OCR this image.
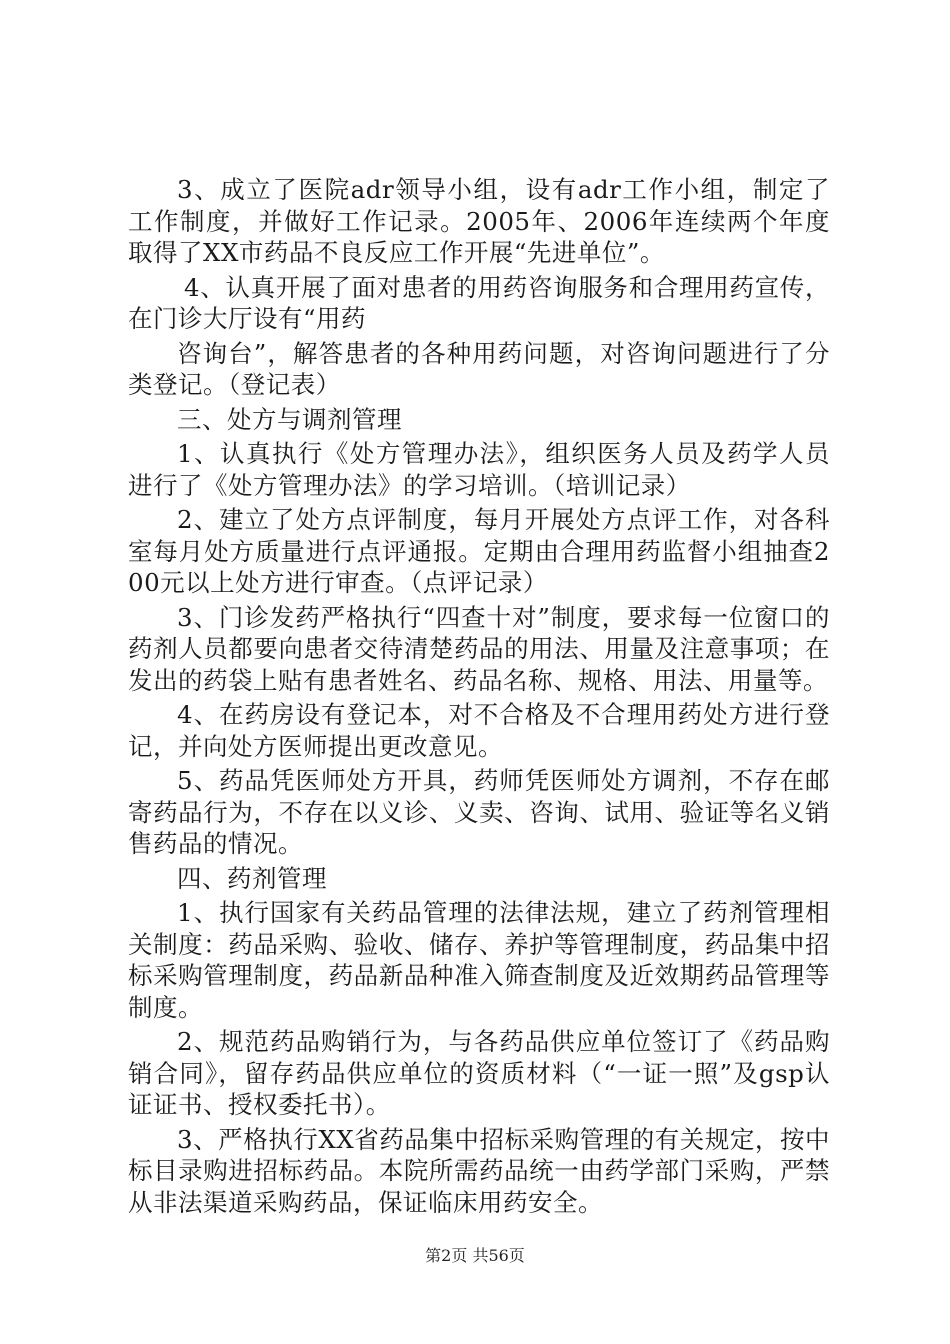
3、成立了医院adr领导小组，设有adr工作小组，制定了工作制度，并做好工作记录。2005年、2006年连续两个年度取得了XX市药品不良反应工作开展“先进单位”。

4、认真开展了面对患者的用药咨询服务和合理用药宣传，在门诊大厅设有“用药

咨询台”，解答患者的各种用药问题，对咨询问题进行了分类登记。（登记表）

三、处方与调剂管理

1、认真执行《处方管理办法》，组织医务人员及药学人员进行了《处方管理办法》的学习培训。（培训记录）

2、建立了处方点评制度，每月开展处方点评工作，对各科室每月处方质量进行点评通报。定期由合理用药监督小组抽查200元以上处方进行审查。（点评记录）

3、门诊发药严格执行“四查十对”制度，要求每一位窗口的药剂人员都要向患者交待清楚药品的用法、用量及注意事项；在发出的药袋上贴有患者姓名、药品名称、规格、用法、用量等。

4、在药房设有登记本，对不合格及不合理用药处方进行登记，并向处方医师提出更改意见。

5、药品凭医师处方开具，药师凭医师处方调剂，不存在邮寄药品行为，不存在以义诊、义卖、咨询、试用、验证等名义销售药品的情况。

四、药剂管理

1、执行国家有关药品管理的法律法规，建立了药剂管理相关制度：药品采购、验收、储存、养护等管理制度，药品集中招标采购管理制度，药品新品种准入筛查制度及近效期药品管理等制度。

2、规范药品购销行为，与各药品供应单位签订了《药品购销合同》，留存药品供应单位的资质材料（“一证一照”及gsp认证证书、授权委托书）。

3、严格执行XX省药品集中招标采购管理的有关规定，按中标目录购进招标药品。本院所需药品统一由药学部门采购，严禁从非法渠道采购药品，保证临床用药安全。

第2页 共56页
